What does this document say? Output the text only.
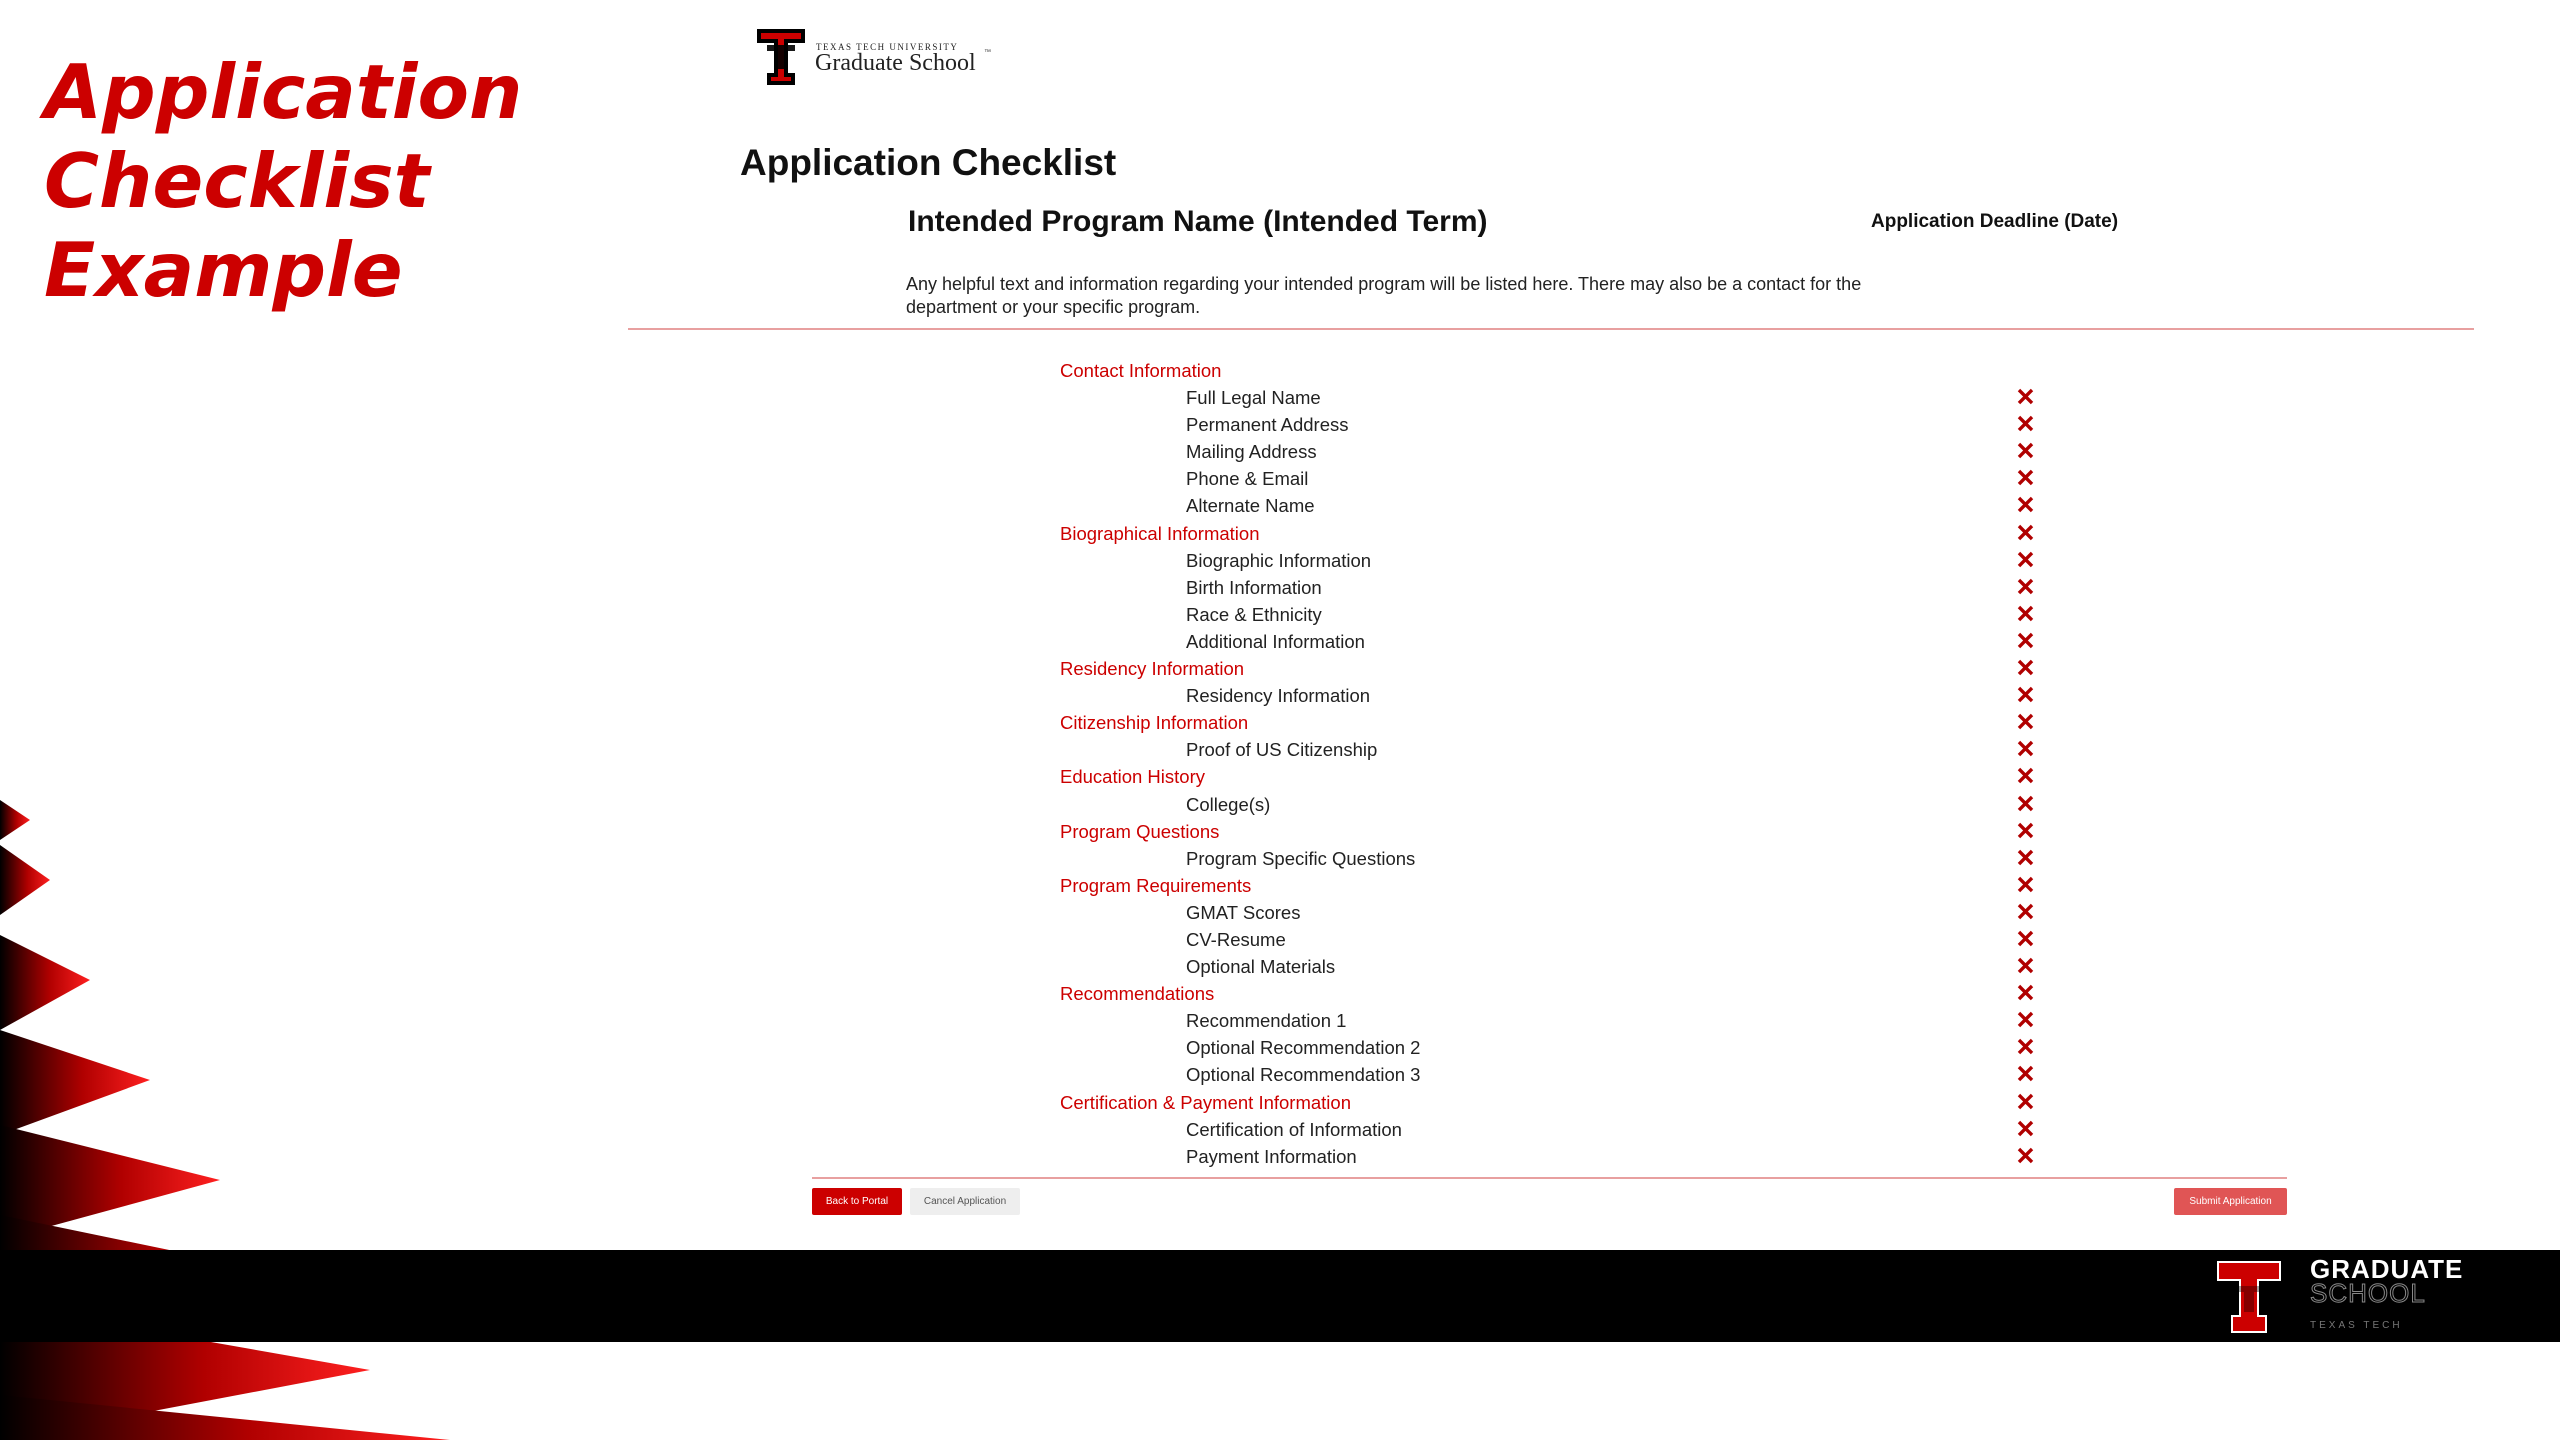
Application
Checklist
Example
TEXAS TECH UNIVERSITY
Graduate School ™
Application Checklist
Intended Program Name (Intended Term)	Application Deadline (Date)
Any helpful text and information regarding your intended program will be listed here. There may also be a contact for the department or your specific program.
Contact Information
Full Legal Name
Permanent Address
Mailing Address
Phone & Email
Alternate Name
Biographical Information
Biographic Information
Birth Information
Race & Ethnicity
Additional Information
Residency Information
Residency Information
Citizenship Information
Proof of US Citizenship
Education History
College(s)
Program Questions
Program Specific Questions
Program Requirements
GMAT Scores
CV-Resume
Optional Materials
Recommendations
Recommendation 1
Optional Recommendation 2
Optional Recommendation 3
Certification & Payment Information
Certification of Information
Payment Information
Back to Portal	Cancel Application	Submit Application
GRADUATE
SCHOOL
TEXAS TECH
